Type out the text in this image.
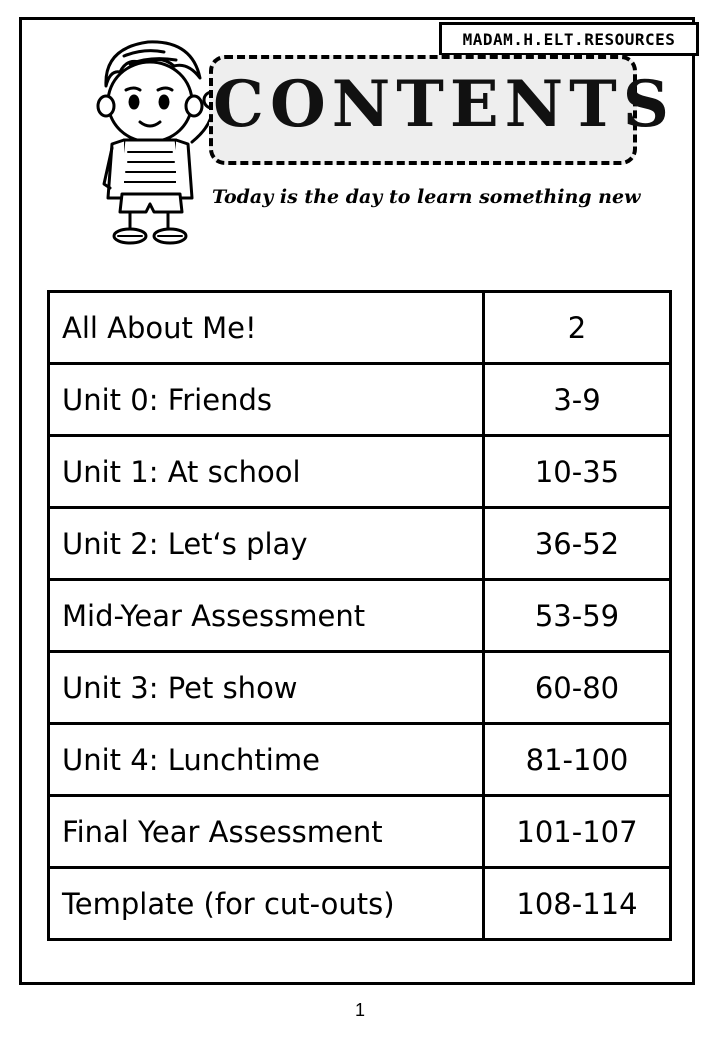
MADAM.H.ELT.RESOURCES
CONTENTS
Today is the day to learn something new
All About Me!	2
Unit 0: Friends	3-9
Unit 1: At school	10-35
Unit 2: Let‘s play	36-52
Mid-Year Assessment	53-59
Unit 3: Pet show	60-80
Unit 4: Lunchtime	81-100
Final Year Assessment	101-107
Template (for cut-outs)	108-114
1
